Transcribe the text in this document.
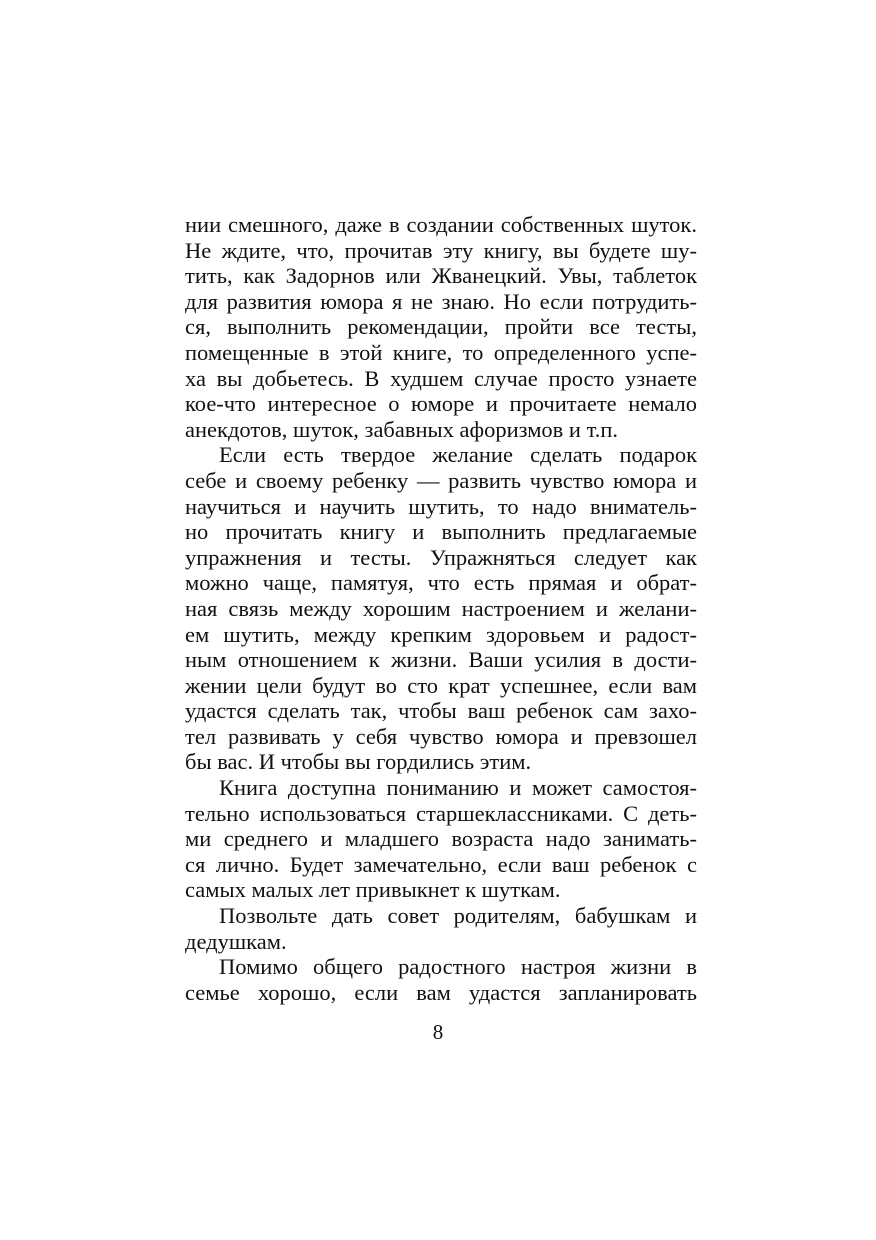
нии смешного, даже в создании собственных шуток.
Не ждите, что, прочитав эту книгу, вы будете шу-
тить, как Задорнов или Жванецкий. Увы, таблеток
для развития юмора я не знаю. Но если потрудить-
ся, выполнить рекомендации, пройти все тесты,
помещенные в этой книге, то определенного успе-
ха вы добьетесь. В худшем случае просто узнаете
кое-что интересное о юморе и прочитаете немало
анекдотов, шуток, забавных афоризмов и т.п.
Если есть твердое желание сделать подарок
себе и своему ребенку — развить чувство юмора и
научиться и научить шутить, то надо вниматель-
но прочитать книгу и выполнить предлагаемые
упражнения и тесты. Упражняться следует как
можно чаще, памятуя, что есть прямая и обрат-
ная связь между хорошим настроением и желани-
ем шутить, между крепким здоровьем и радост-
ным отношением к жизни. Ваши усилия в дости-
жении цели будут во сто крат успешнее, если вам
удастся сделать так, чтобы ваш ребенок сам захо-
тел развивать у себя чувство юмора и превзошел
бы вас. И чтобы вы гордились этим.
Книга доступна пониманию и может самостоя-
тельно использоваться старшеклассниками. С деть-
ми среднего и младшего возраста надо занимать-
ся лично. Будет замечательно, если ваш ребенок с
самых малых лет привыкнет к шуткам.
Позвольте дать совет родителям, бабушкам и
дедушкам.
Помимо общего радостного настроя жизни в
семье хорошо, если вам удастся запланировать
8
